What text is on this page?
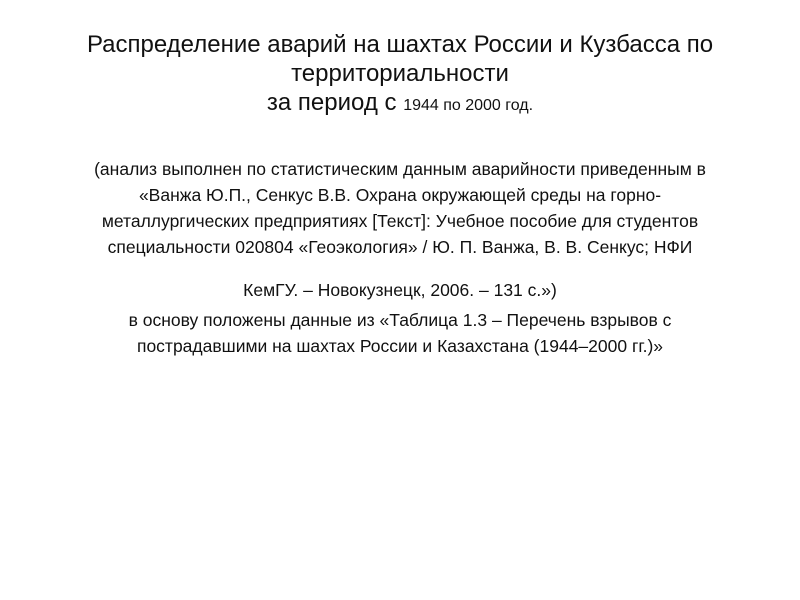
Распределение аварий на шахтах России и Кузбасса по
территориальности
за период с 1944 по 2000 год.

(анализ выполнен по статистическим данным аварийности приведенным в
«Ванжа Ю.П., Сенкус В.В. Охрана окружающей среды на горно-
металлургических предприятиях [Текст]: Учебное пособие для студентов
специальности 020804 «Геоэкология» / Ю. П. Ванжа, В. В. Сенкус; НФИ

КемГУ. – Новокузнецк, 2006. – 131 с.»)

в основу положены данные из «Таблица 1.3 – Перечень взрывов с
пострадавшими на шахтах России и Казахстана (1944–2000 гг.)»
